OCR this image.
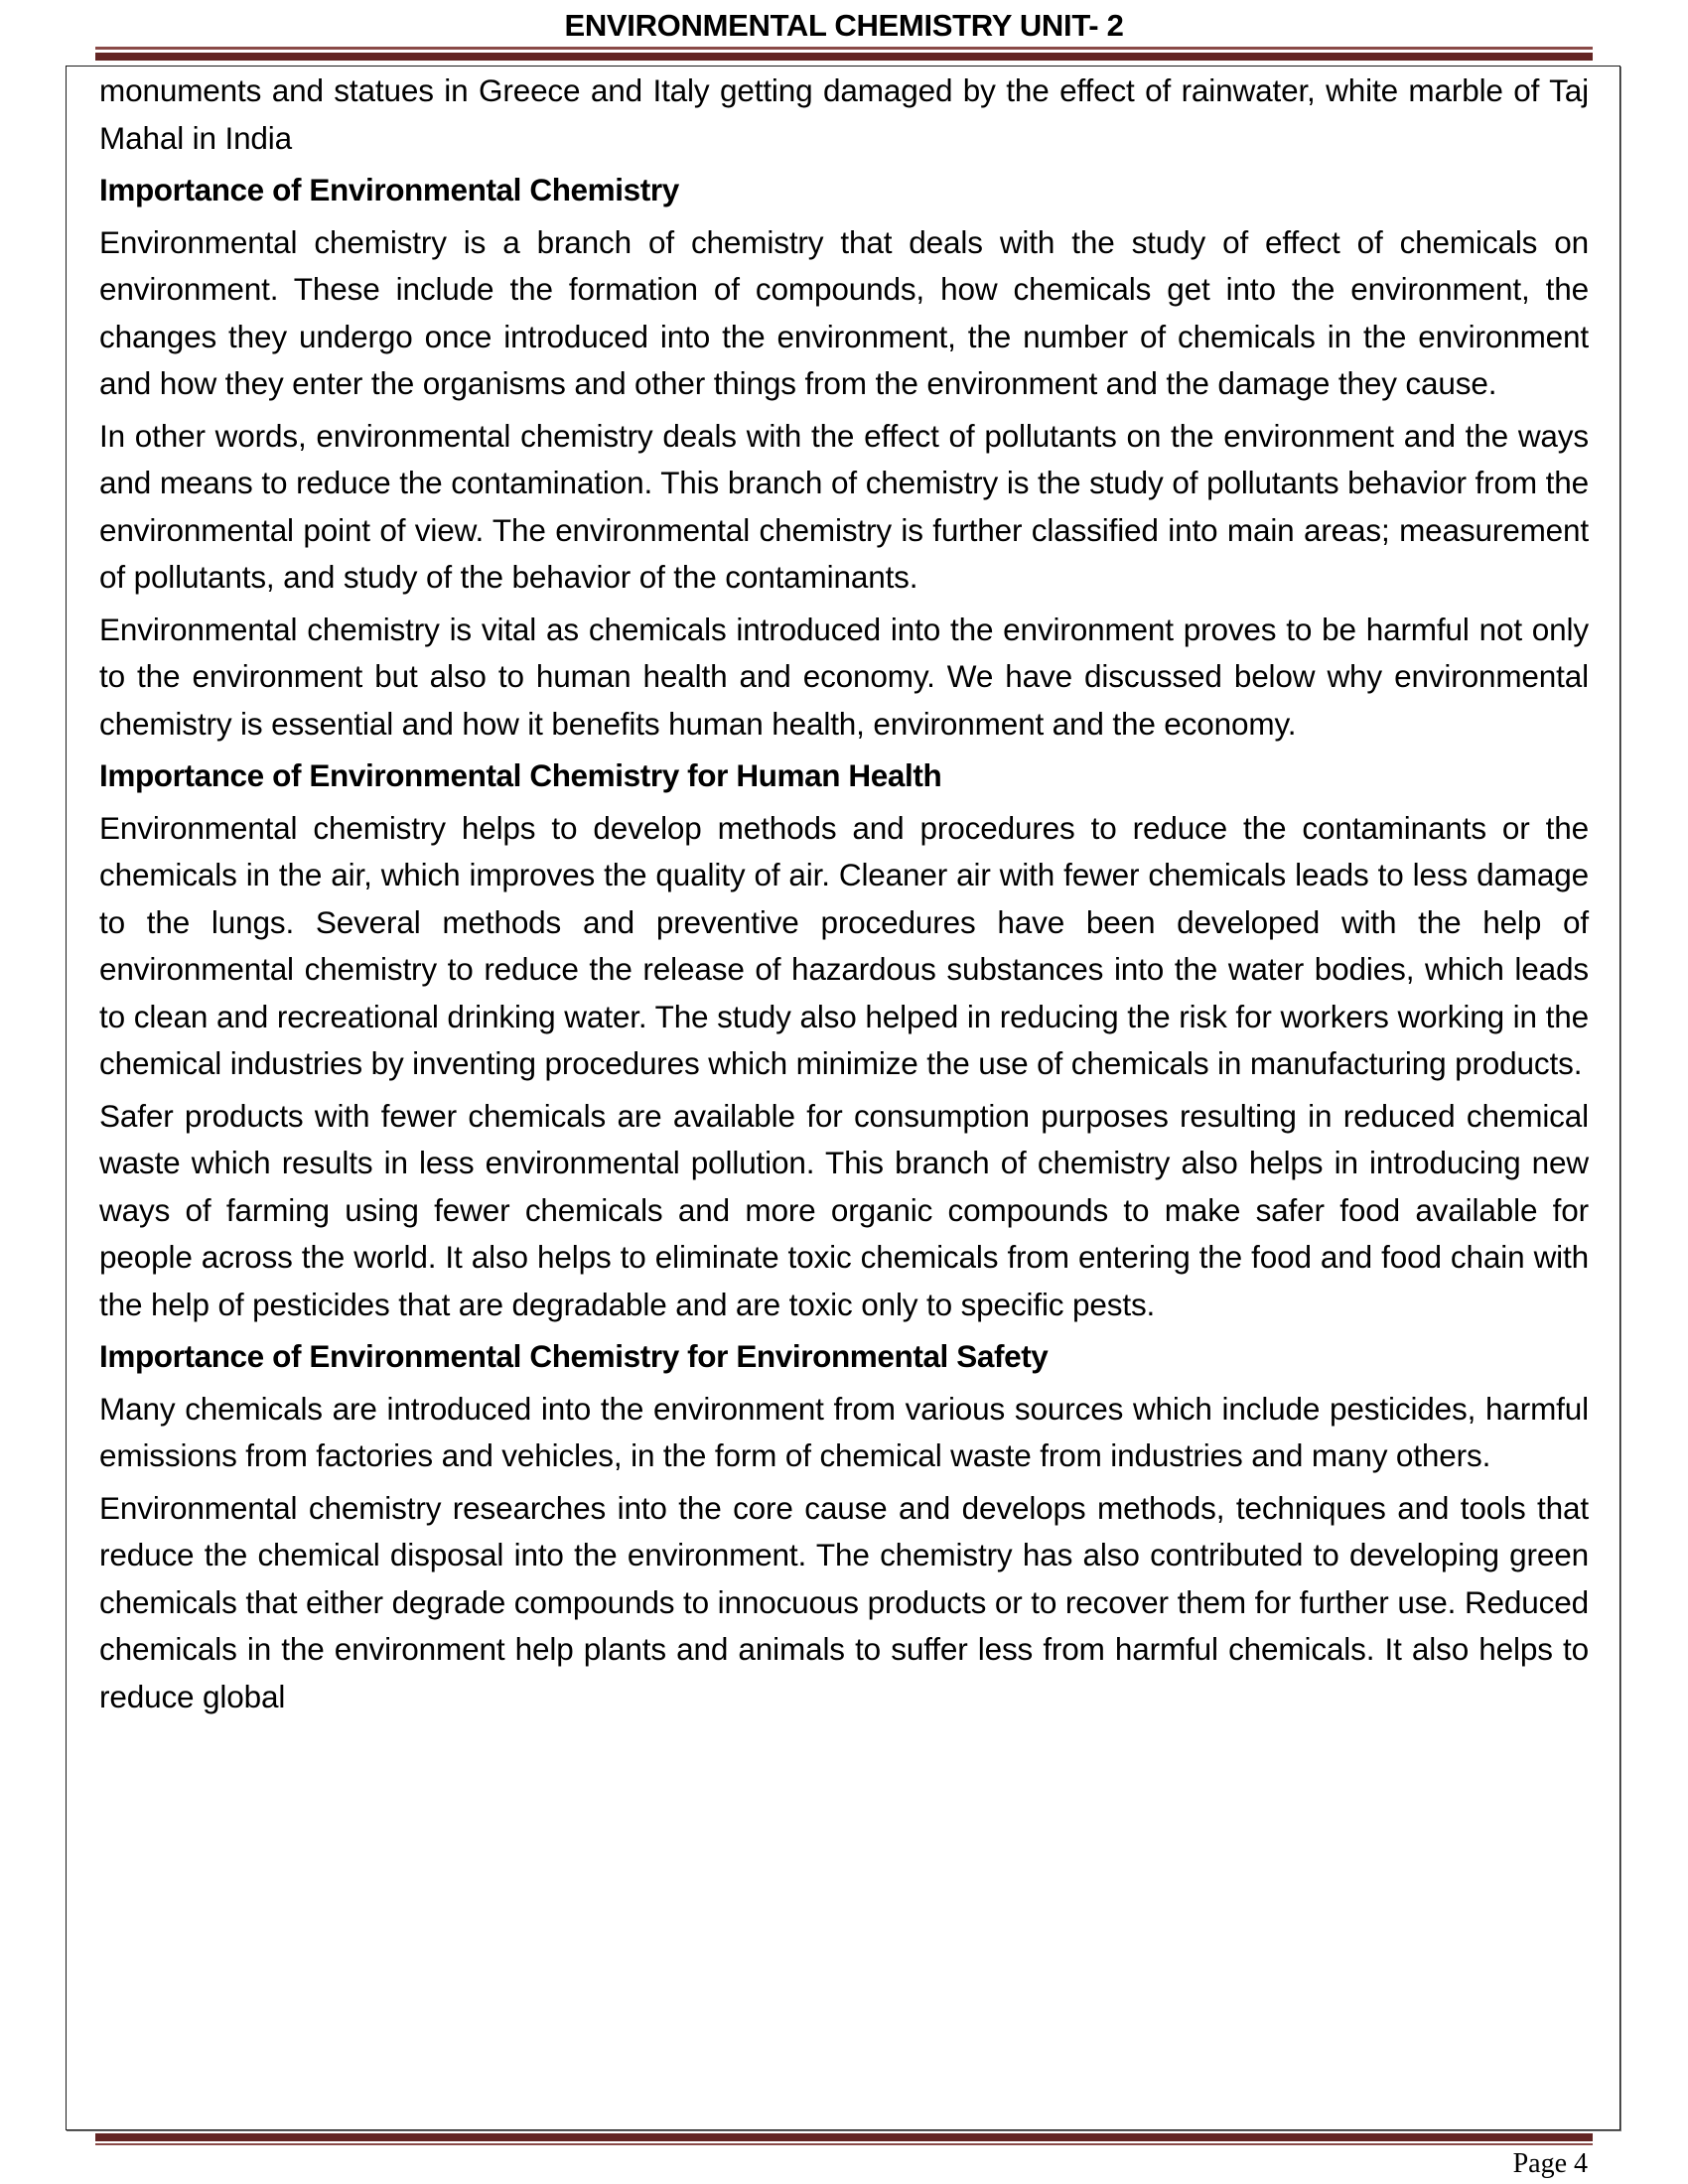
ENVIRONMENTAL CHEMISTRY UNIT- 2

monuments and statues in Greece and Italy getting damaged by the effect of rainwater, white marble of Taj Mahal in India

Importance of Environmental Chemistry

Environmental chemistry is a branch of chemistry that deals with the study of effect of chemicals on environment. These include the formation of compounds, how chemicals get into the environment, the changes they undergo once introduced into the environment, the number of chemicals in the environment and how they enter the organisms and other things from the environment and the damage they cause.

In other words, environmental chemistry deals with the effect of pollutants on the environment and the ways and means to reduce the contamination. This branch of chemistry is the study of pollutants behavior from the environmental point of view. The environmental chemistry is further classified into main areas; measurement of pollutants, and study of the behavior of the contaminants.

Environmental chemistry is vital as chemicals introduced into the environment proves to be harmful not only to the environment but also to human health and economy. We have discussed below why environmental chemistry is essential and how it benefits human health, environment and the economy.

Importance of Environmental Chemistry for Human Health

Environmental chemistry helps to develop methods and procedures to reduce the contaminants or the chemicals in the air, which improves the quality of air. Cleaner air with fewer chemicals leads to less damage to the lungs. Several methods and preventive procedures have been developed with the help of environmental chemistry to reduce the release of hazardous substances into the water bodies, which leads to clean and recreational drinking water. The study also helped in reducing the risk for workers working in the chemical industries by inventing procedures which minimize the use of chemicals in manufacturing products.

Safer products with fewer chemicals are available for consumption purposes resulting in reduced chemical waste which results in less environmental pollution. This branch of chemistry also helps in introducing new ways of farming using fewer chemicals and more organic compounds to make safer food available for people across the world. It also helps to eliminate toxic chemicals from entering the food and food chain with the help of pesticides that are degradable and are toxic only to specific pests.

Importance of Environmental Chemistry for Environmental Safety

Many chemicals are introduced into the environment from various sources which include pesticides, harmful emissions from factories and vehicles, in the form of chemical waste from industries and many others.

Environmental chemistry researches into the core cause and develops methods, techniques and tools that reduce the chemical disposal into the environment. The chemistry has also contributed to developing green chemicals that either degrade compounds to innocuous products or to recover them for further use. Reduced chemicals in the environment help plants and animals to suffer less from harmful chemicals. It also helps to reduce global

Page 4
